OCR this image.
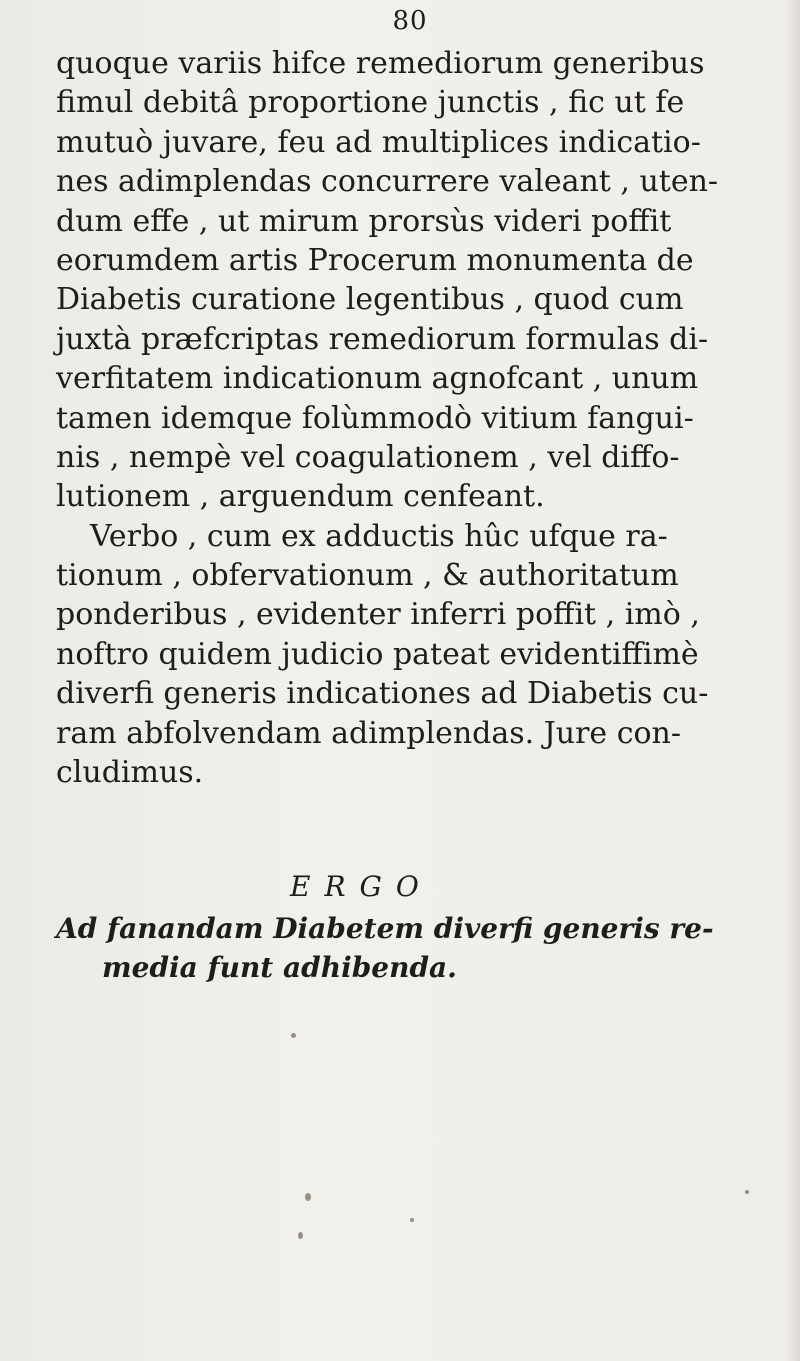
80
quoque variis hifce remediorum generibus
fimul debitâ proportione junctis , fic ut fe
mutuò juvare, feu ad multiplices indicatio-
nes adimplendas concurrere valeant , uten-
dum effe , ut mirum prorsùs videri poffit
eorumdem artis Procerum monumenta de
Diabetis curatione legentibus , quod cum
juxtà præfcriptas remediorum formulas di-
verfitatem indicationum agnofcant , unum
tamen idemque folùmmodò vitium fangui-
nis , nempè vel coagulationem , vel diffo-
lutionem , arguendum cenfeant.
Verbo , cum ex adductis hûc ufque ra-
tionum , obfervationum , & authoritatum
ponderibus , evidenter inferri poffit , imò ,
noftro quidem judicio pateat evidentiffimè
diverfi generis indicationes ad Diabetis cu-
ram abfolvendam adimplendas. Jure con-
cludimus.
ERGO
Ad fanandam Diabetem diverfi generis re-
media funt adhibenda.
